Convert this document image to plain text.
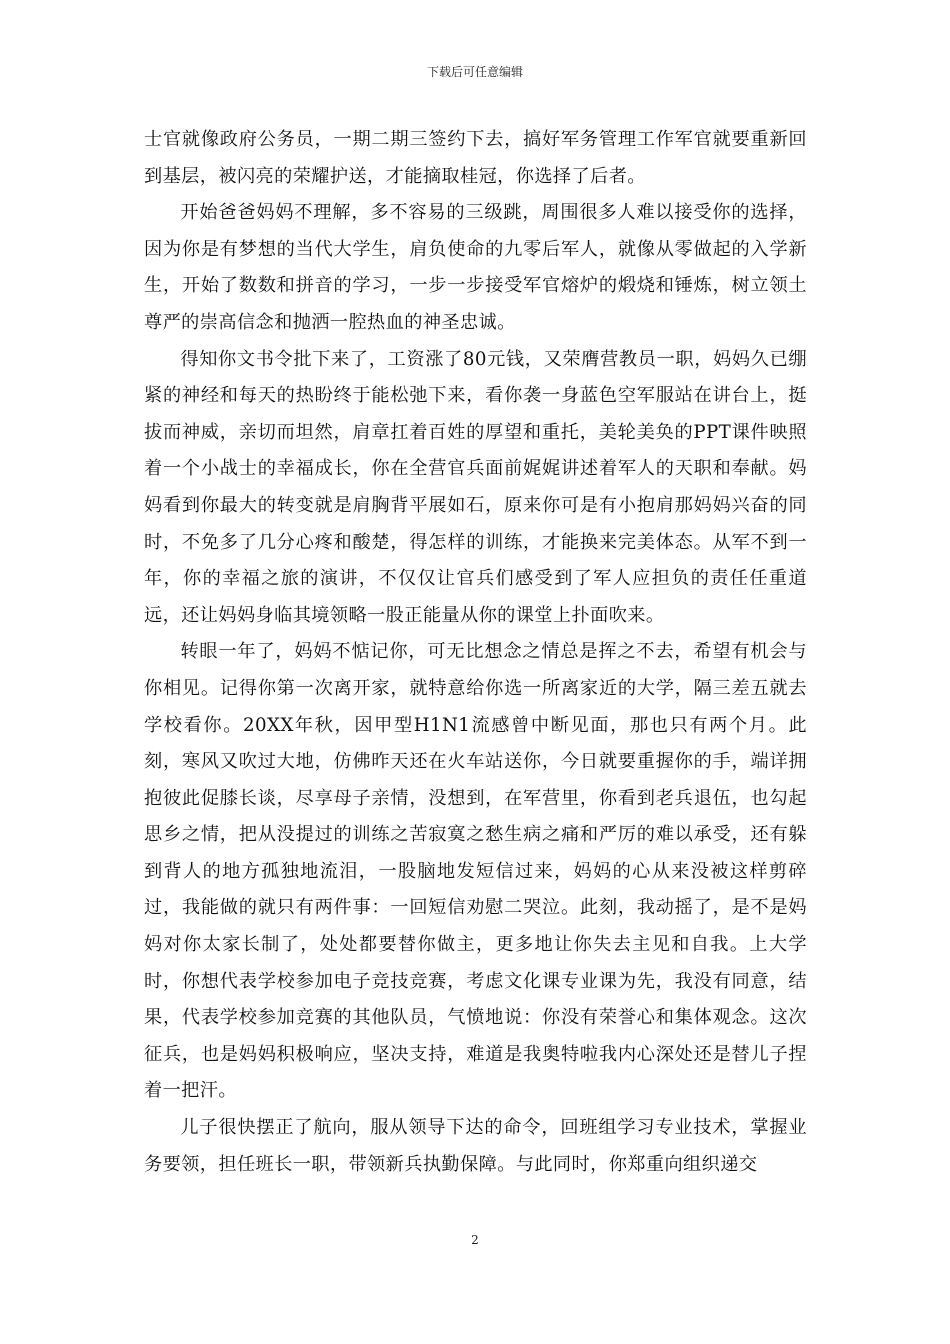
下载后可任意编辑

士官就像政府公务员，一期二期三签约下去，搞好军务管理工作军官就要重新回到基层，被闪亮的荣耀护送，才能摘取桂冠，你选择了后者。

开始爸爸妈妈不理解，多不容易的三级跳，周围很多人难以接受你的选择，因为你是有梦想的当代大学生，肩负使命的九零后军人，就像从零做起的入学新生，开始了数数和拼音的学习，一步一步接受军官熔炉的煅烧和锤炼，树立领土尊严的崇高信念和抛洒一腔热血的神圣忠诚。

得知你文书令批下来了，工资涨了80元钱，又荣膺营教员一职，妈妈久已绷紧的神经和每天的热盼终于能松弛下来，看你袭一身蓝色空军服站在讲台上，挺拔而神威，亲切而坦然，肩章扛着百姓的厚望和重托，美轮美奂的PPT课件映照着一个小战士的幸福成长，你在全营官兵面前娓娓讲述着军人的天职和奉献。妈妈看到你最大的转变就是肩胸背平展如石，原来你可是有小抱肩那妈妈兴奋的同时，不免多了几分心疼和酸楚，得怎样的训练，才能换来完美体态。从军不到一年，你的幸福之旅的演讲，不仅仅让官兵们感受到了军人应担负的责任任重道远，还让妈妈身临其境领略一股正能量从你的课堂上扑面吹来。

转眼一年了，妈妈不惦记你，可无比想念之情总是挥之不去，希望有机会与你相见。记得你第一次离开家，就特意给你选一所离家近的大学，隔三差五就去学校看你。20XX年秋，因甲型H1N1流感曾中断见面，那也只有两个月。此刻，寒风又吹过大地，仿佛昨天还在火车站送你，今日就要重握你的手，端详拥抱彼此促膝长谈，尽享母子亲情，没想到，在军营里，你看到老兵退伍，也勾起思乡之情，把从没提过的训练之苦寂寞之愁生病之痛和严厉的难以承受，还有躲到背人的地方孤独地流泪，一股脑地发短信过来，妈妈的心从来没被这样剪碎过，我能做的就只有两件事：一回短信劝慰二哭泣。此刻，我动摇了，是不是妈妈对你太家长制了，处处都要替你做主，更多地让你失去主见和自我。上大学时，你想代表学校参加电子竞技竞赛，考虑文化课专业课为先，我没有同意，结果，代表学校参加竞赛的其他队员，气愤地说：你没有荣誉心和集体观念。这次征兵，也是妈妈积极响应，坚决支持，难道是我奥特啦我内心深处还是替儿子捏着一把汗。

儿子很快摆正了航向，服从领导下达的命令，回班组学习专业技术，掌握业务要领，担任班长一职，带领新兵执勤保障。与此同时，你郑重向组织递交

2
